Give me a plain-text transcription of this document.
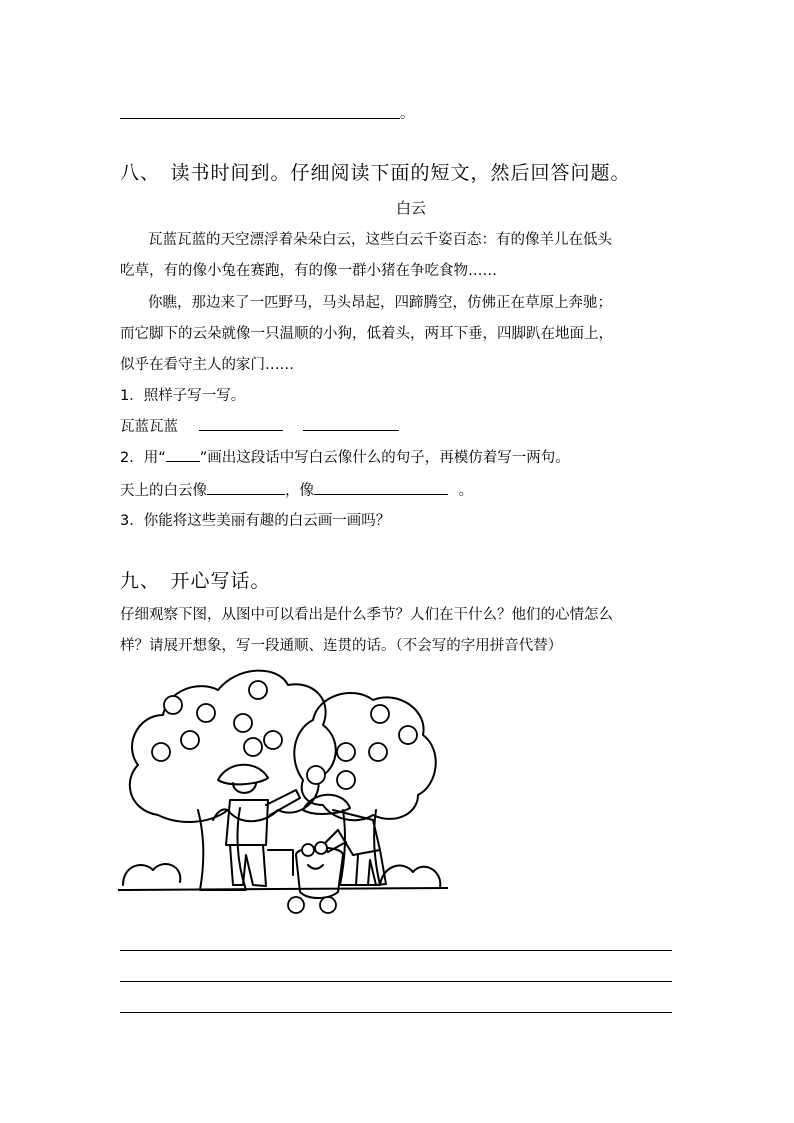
。
八、　读书时间到。仔细阅读下面的短文，然后回答问题。
白云
瓦蓝瓦蓝的天空漂浮着朵朵白云，这些白云千姿百态：有的像羊儿在低头
吃草，有的像小兔在赛跑，有的像一群小猪在争吃食物……
你瞧，那边来了一匹野马，马头昂起，四蹄腾空，仿佛正在草原上奔驰；
而它脚下的云朵就像一只温顺的小狗，低着头，两耳下垂，四脚趴在地面上，
似乎在看守主人的家门……
1．照样子写一写。
瓦蓝瓦蓝
2．用“ ”画出这段话中写白云像什么的句子，再模仿着写一两句。
天上的白云像	，像	。
3．你能将这些美丽有趣的白云画一画吗？
九、　开心写话。
仔细观察下图，从图中可以看出是什么季节？人们在干什么？他们的心情怎么
样？请展开想象，写一段通顺、连贯的话。（不会写的字用拼音代替）
